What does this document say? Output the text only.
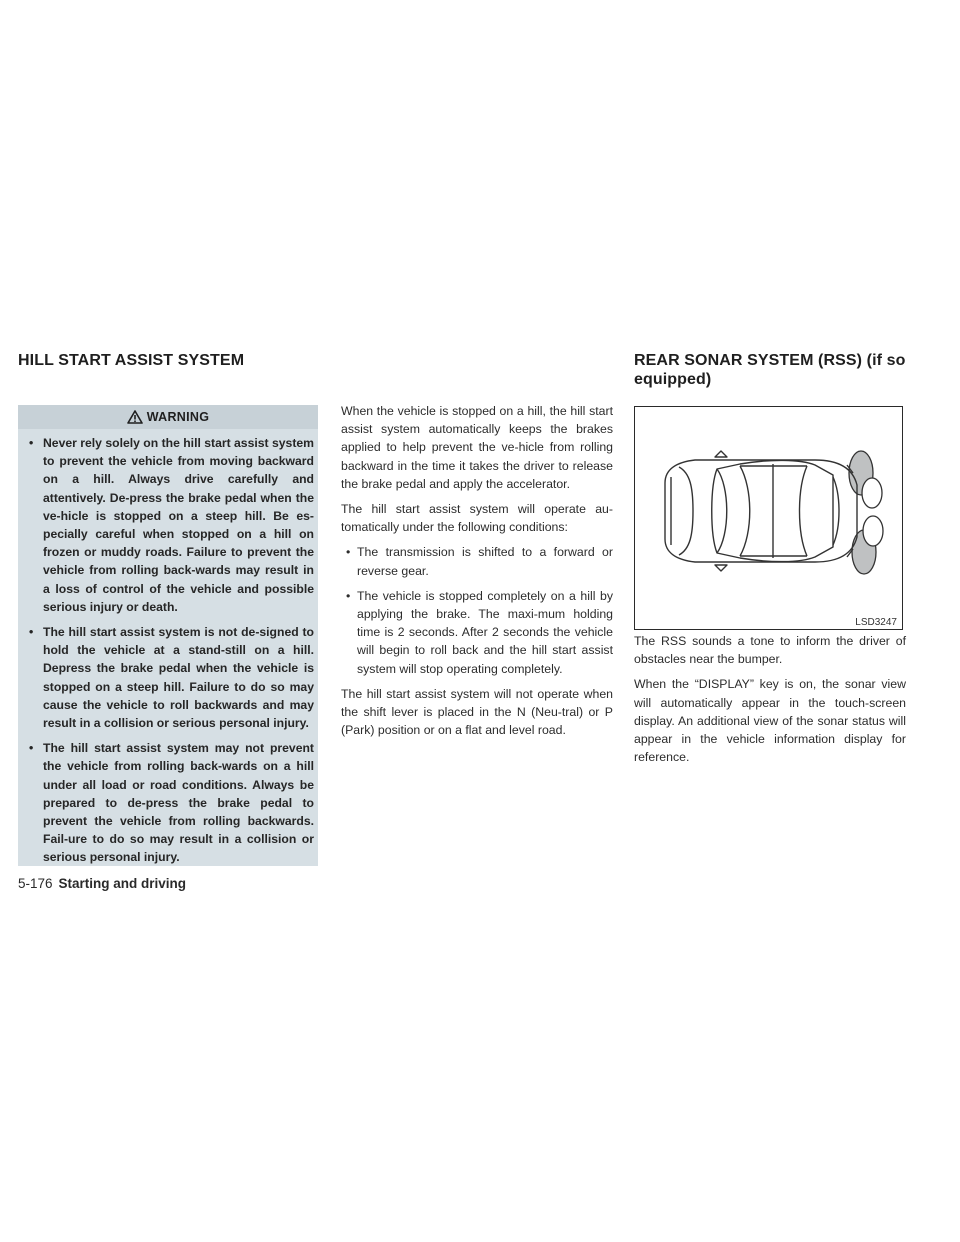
HILL START ASSIST SYSTEM	REAR SONAR SYSTEM (RSS) (if so equipped)
WARNING
• Never rely solely on the hill start assist system to prevent the vehicle from moving backward on a hill. Always drive carefully and attentively. De-press the brake pedal when the ve-hicle is stopped on a steep hill. Be es-pecially careful when stopped on a hill on frozen or muddy roads. Failure to prevent the vehicle from rolling back-wards may result in a loss of control of the vehicle and possible serious injury or death.
• The hill start assist system is not de-signed to hold the vehicle at a stand-still on a hill. Depress the brake pedal when the vehicle is stopped on a steep hill. Failure to do so may cause the vehicle to roll backwards and may result in a collision or serious personal injury.
• The hill start assist system may not prevent the vehicle from rolling back-wards on a hill under all load or road conditions. Always be prepared to de-press the brake pedal to prevent the vehicle from rolling backwards. Fail-ure to do so may result in a collision or serious personal injury.

When the vehicle is stopped on a hill, the hill start assist system automatically keeps the brakes applied to help prevent the ve-hicle from rolling backward in the time it takes the driver to release the brake pedal and apply the accelerator.

The hill start assist system will operate au-tomatically under the following conditions:

• The transmission is shifted to a forward or reverse gear.

• The vehicle is stopped completely on a hill by applying the brake. The maxi-mum holding time is 2 seconds. After 2 seconds the vehicle will begin to roll back and the hill start assist system will stop operating completely.

The hill start assist system will not operate when the shift lever is placed in the N (Neu-tral) or P (Park) position or on a flat and level road.

LSD3247

The RSS sounds a tone to inform the driver of obstacles near the bumper.

When the “DISPLAY” key is on, the sonar view will automatically appear in the touch-screen display. An additional view of the sonar status will appear in the vehicle information display for reference.

5-176 Starting and driving
